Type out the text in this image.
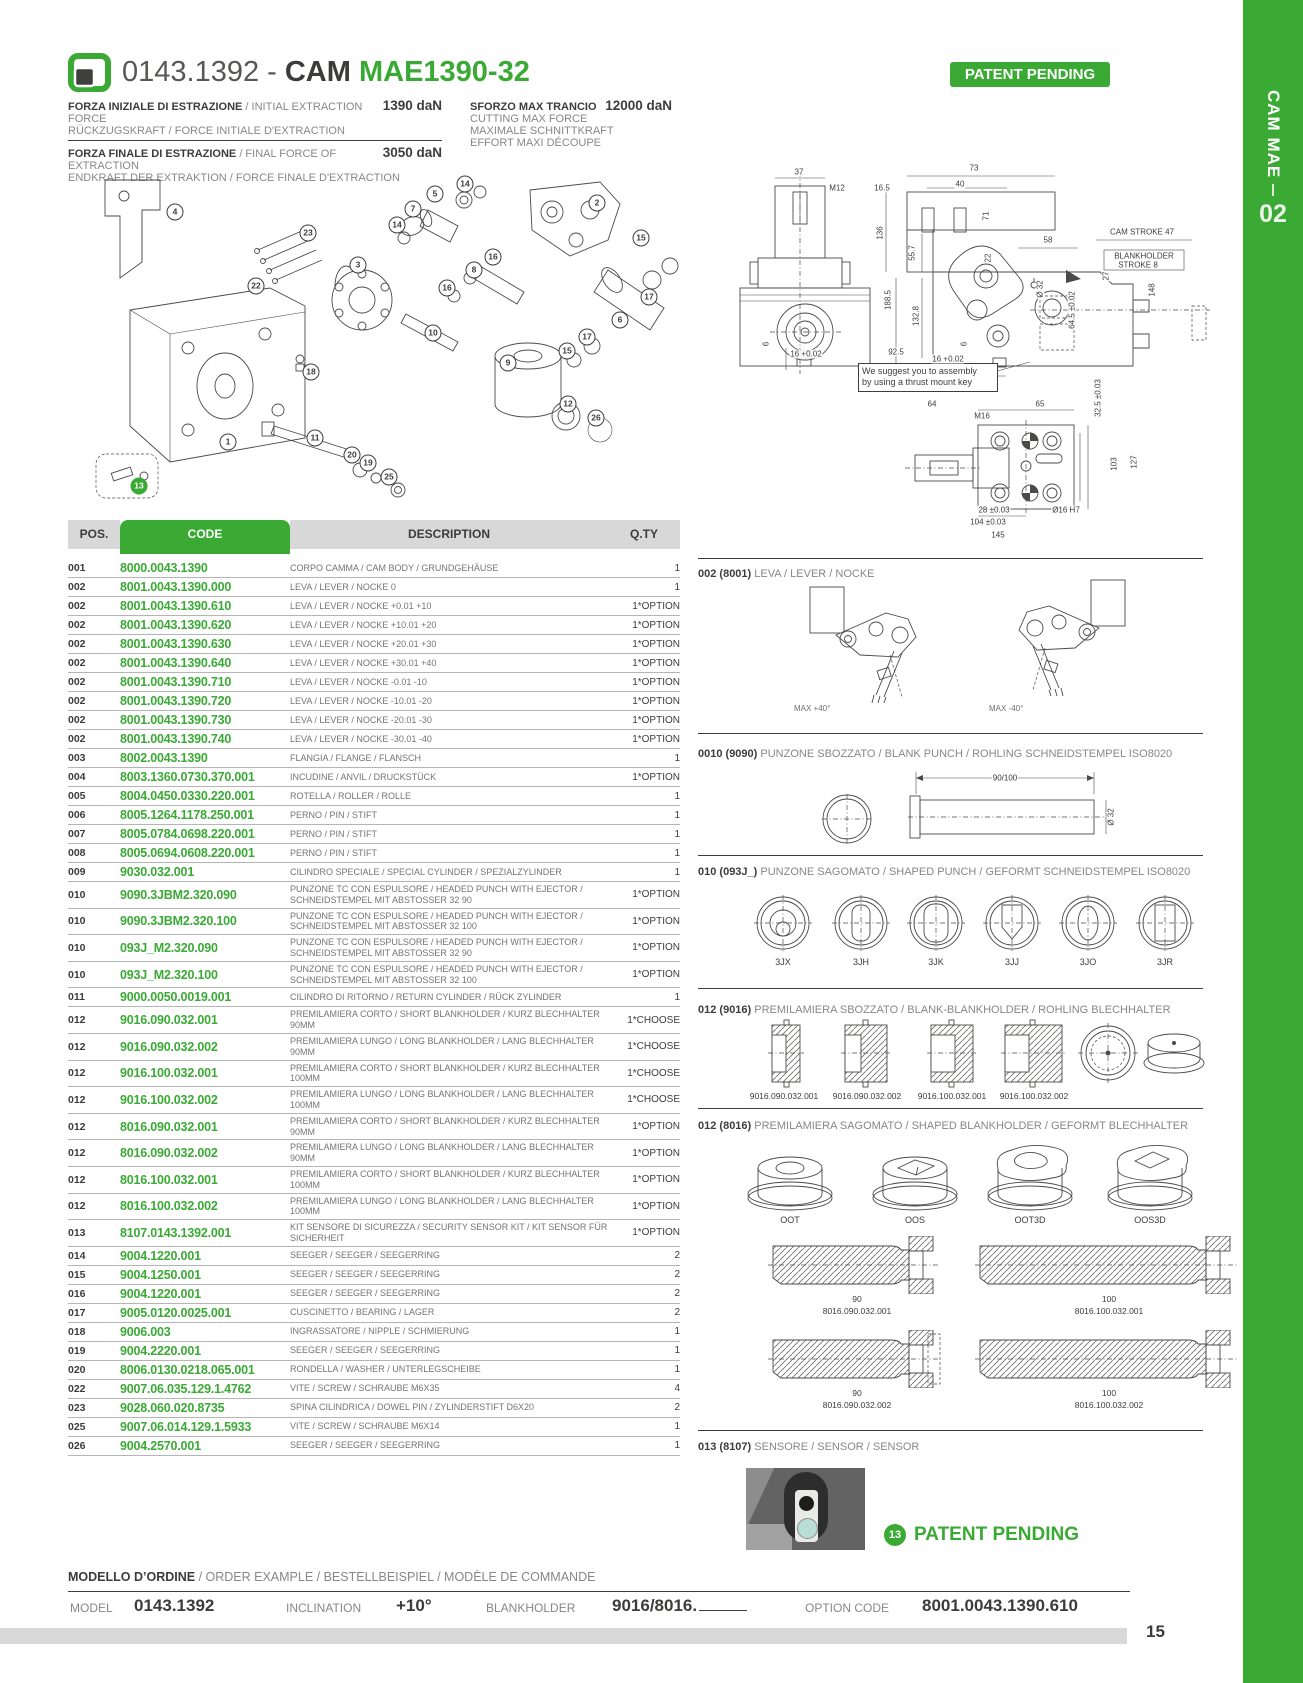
0143.1392 - CAM MAE1390-32	PATENT PENDING
FORZA INIZIALE DI ESTRAZIONE / INITIAL EXTRACTION FORCE
1390 daN
RÜCKZUGSKRAFT / FORCE INITIALE D'EXTRACTION
FORZA FINALE DI ESTRAZIONE / FINAL FORCE OF EXTRACTION
3050 daN
ENDKRAFT DER EXTRAKTION / FORCE FINALE D'EXTRACTION
SFORZO MAX TRANCIO 12000 daN
CUTTING MAX FORCE
MAXIMALE SCHNITTKRAFT
EFFORT MAXI DÉCOUPE
4
23
22
3
7
14
5
14
2
15
16
8
16
17
6
17
15
10
9
18
12
26
1	11
20
19
25
13
We suggest you to assembly
by using a thrust mount key
37
M12
6
16 +0.02
16.5
73
40
71
136
55.7
188.5
132.8
58
22
27
CAM STROKE 47
BLANKHOLDER
STROKE 8
Ø 32	148
64.5 ±0.02
92.5
16 +0.02
6
64	65
M16	32.5 ±0.03
103 127
28 ±0.03	Ø16 H7
104 ±0.03
145
POS.	CODE	DESCRIPTION	Q.TY
001	8000.0043.1390	CORPO CAMMA / CAM BODY / GRUNDGEHÄUSE	1
002	8001.0043.1390.000	LEVA / LEVER / NOCKE 0	1
002	8001.0043.1390.610	LEVA / LEVER / NOCKE +0.01 +10	1*OPTION
002	8001.0043.1390.620	LEVA / LEVER / NOCKE +10.01 +20	1*OPTION
002	8001.0043.1390.630	LEVA / LEVER / NOCKE +20.01 +30	1*OPTION
002	8001.0043.1390.640	LEVA / LEVER / NOCKE +30.01 +40	1*OPTION
002	8001.0043.1390.710	LEVA / LEVER / NOCKE -0.01 -10	1*OPTION
002	8001.0043.1390.720	LEVA / LEVER / NOCKE -10.01 -20	1*OPTION
002	8001.0043.1390.730	LEVA / LEVER / NOCKE -20.01 -30	1*OPTION
002	8001.0043.1390.740	LEVA / LEVER / NOCKE -30.01 -40	1*OPTION
003	8002.0043.1390	FLANGIA / FLANGE / FLANSCH	1
004	8003.1360.0730.370.001	INCUDINE / ANVIL / DRUCKSTÜCK	1*OPTION
005	8004.0450.0330.220.001	ROTELLA / ROLLER / ROLLE	1
006	8005.1264.1178.250.001	PERNO / PIN / STIFT	1
007	8005.0784.0698.220.001	PERNO / PIN / STIFT	1
008	8005.0694.0608.220.001	PERNO / PIN / STIFT	1
009	9030.032.001	CILINDRO SPECIALE / SPECIAL CYLINDER / SPEZIALZYLINDER	1
010	9090.3JBM2.320.090	PUNZONE TC CON ESPULSORE / HEADED PUNCH WITH EJECTOR / SCHNEIDSTEMPEL MIT ABSTOSSER 32 90	1*OPTION
010	9090.3JBM2.320.100	PUNZONE TC CON ESPULSORE / HEADED PUNCH WITH EJECTOR / SCHNEIDSTEMPEL MIT ABSTOSSER 32 100	1*OPTION
010	093J_M2.320.090	PUNZONE TC CON ESPULSORE / HEADED PUNCH WITH EJECTOR / SCHNEIDSTEMPEL MIT ABSTOSSER 32 90	1*OPTION
010	093J_M2.320.100	PUNZONE TC CON ESPULSORE / HEADED PUNCH WITH EJECTOR / SCHNEIDSTEMPEL MIT ABSTOSSER 32 100	1*OPTION
011	9000.0050.0019.001	CILINDRO DI RITORNO / RETURN CYLINDER / RÜCK ZYLINDER	1
012	9016.090.032.001	PREMILAMIERA CORTO / SHORT BLANKHOLDER / KURZ BLECHHALTER 90MM	1*CHOOSE
012	9016.090.032.002	PREMILAMIERA LUNGO / LONG BLANKHOLDER / LANG BLECHHALTER 90MM	1*CHOOSE
012	9016.100.032.001	PREMILAMIERA CORTO / SHORT BLANKHOLDER / KURZ BLECHHALTER 100MM	1*CHOOSE
012	9016.100.032.002	PREMILAMIERA LUNGO / LONG BLANKHOLDER / LANG BLECHHALTER 100MM	1*CHOOSE
012	8016.090.032.001	PREMILAMIERA CORTO / SHORT BLANKHOLDER / KURZ BLECHHALTER 90MM	1*OPTION
012	8016.090.032.002	PREMILAMIERA LUNGO / LONG BLANKHOLDER / LANG BLECHHALTER 90MM	1*OPTION
012	8016.100.032.001	PREMILAMIERA CORTO / SHORT BLANKHOLDER / KURZ BLECHHALTER 100MM	1*OPTION
012	8016.100.032.002	PREMILAMIERA LUNGO / LONG BLANKHOLDER / LANG BLECHHALTER 100MM	1*OPTION
013	8107.0143.1392.001	KIT SENSORE DI SICUREZZA / SECURITY SENSOR KIT / KIT SENSOR FÜR SICHERHEIT	1*OPTION
014	9004.1220.001	SEEGER / SEEGER / SEEGERRING	2
015	9004.1250.001	SEEGER / SEEGER / SEEGERRING	2
016	9004.1220.001	SEEGER / SEEGER / SEEGERRING	2
017	9005.0120.0025.001	CUSCINETTO / BEARING / LAGER	2
018	9006.003	INGRASSATORE / NIPPLE / SCHMIERUNG	1
019	9004.2220.001	SEEGER / SEEGER / SEEGERRING	1
020	8006.0130.0218.065.001	RONDELLA / WASHER / UNTERLEGSCHEIBE	1
022	9007.06.035.129.1.4762	VITE / SCREW / SCHRAUBE M6X35	4
023	9028.060.020.8735	SPINA CILINDRICA / DOWEL PIN / ZYLINDERSTIFT D6X20	2
025	9007.06.014.129.1.5933	VITE / SCREW / SCHRAUBE M6X14	1
026	9004.2570.001	SEEGER / SEEGER / SEEGERRING	1
002 (8001) LEVA / LEVER / NOCKE
MAX +40°	MAX -40°
0010 (9090) PUNZONE SBOZZATO / BLANK PUNCH / ROHLING SCHNEIDSTEMPEL ISO8020
90/100
Ø 32
010 (093J_) PUNZONE SAGOMATO / SHAPED PUNCH / GEFORMT SCHNEIDSTEMPEL ISO8020
3JX	3JH	3JK	3JJ	3JO	3JR
012 (9016) PREMILAMIERA SBOZZATO / BLANK-BLANKHOLDER / ROHLING BLECHHALTER
9016.090.032.001 9016.090.032.002 9016.100.032.001 9016.100.032.002
012 (8016) PREMILAMIERA SAGOMATO / SHAPED BLANKHOLDER / GEFORMT BLECHHALTER
OOT	OOS	OOT3D	OOS3D
90
8016.090.032.001
100
8016.100.032.001
90
8016.090.032.002
100
8016.100.032.002
013 (8107) SENSORE / SENSOR / SENSOR
13 PATENT PENDING
MODELLO D’ORDINE / ORDER EXAMPLE / BESTELLBEISPIEL / MODÈLE DE COMMANDE
MODEL 0143.1392	INCLINATION +10°	BLANKHOLDER 9016/8016.	OPTION CODE 8001.0043.1390.610
15
CAM MAE
02
